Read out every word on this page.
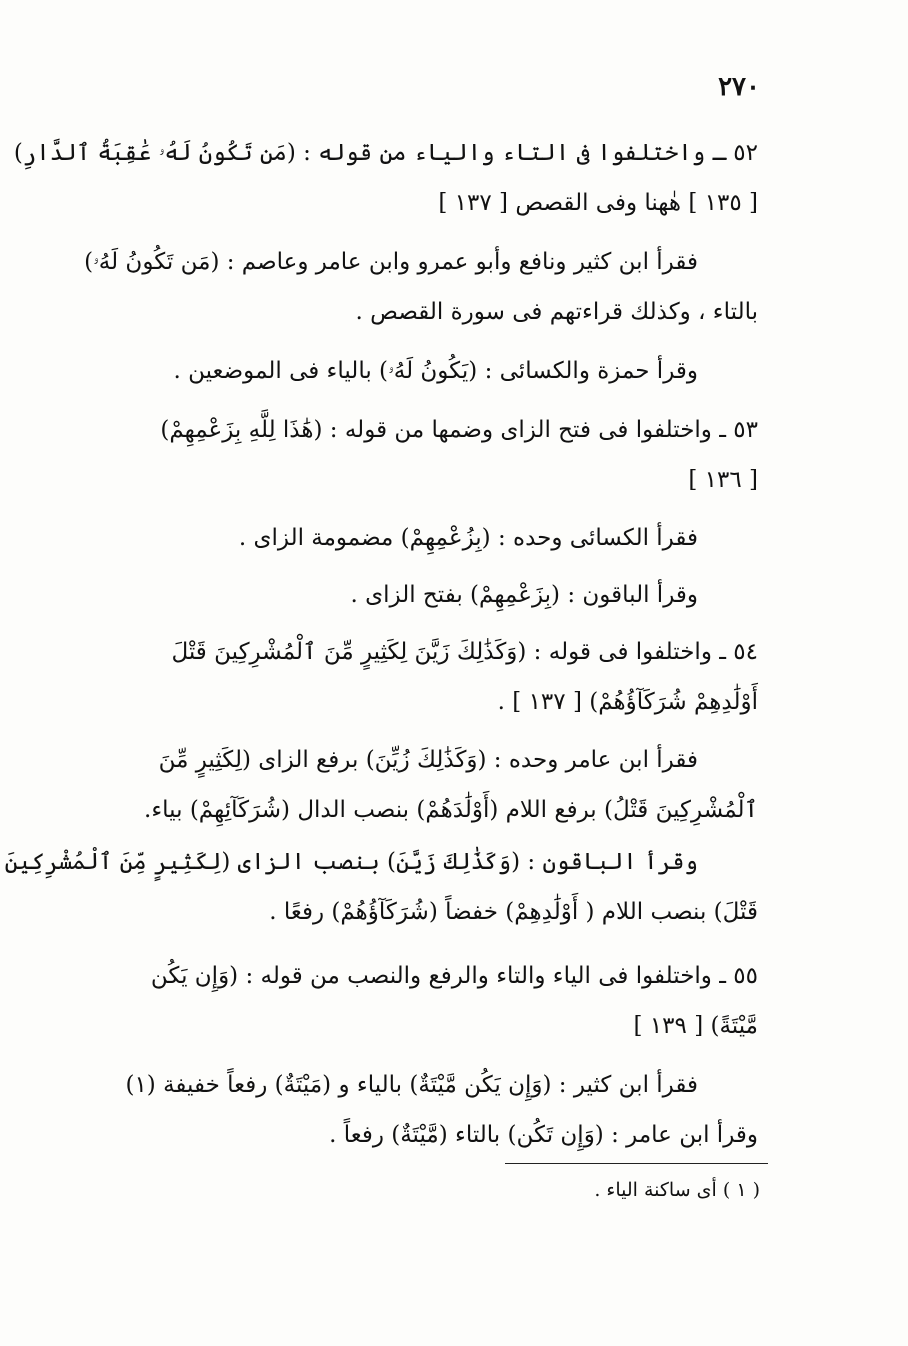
٢٧٠
٥٢ ـ واختلفوا فى التاء والياء من قوله : (مَن تَكُونُ لَهُۥ عَٰقِبَةُ ٱلدَّارِ)
[ ١٣٥ ] هٰهنا وفى القصص [ ١٣٧ ]
فقرأ ابن كثير ونافع وأبو عمرو وابن عامر وعاصم : (مَن تَكُونُ لَهُۥ)
بالتاء ، وكذلك قراءتهم فى سورة القصص .
وقرأ حمزة والكسائى : (يَكُونُ لَهُۥ) بالياء فى الموضعين .
٥٣ ـ واختلفوا فى فتح الزاى وضمها من قوله : (هَٰذَا لِلَّهِ بِزَعْمِهِمْ)
[ ١٣٦ ]
فقرأ الكسائى وحده : (بِزُعْمِهِمْ) مضمومة الزاى .
وقرأ الباقون : (بِزَعْمِهِمْ) بفتح الزاى .
٥٤ ـ واختلفوا فى قوله : (وَكَذَٰلِكَ زَيَّنَ لِكَثِيرٍ مِّنَ ٱلْمُشْرِكِينَ قَتْلَ
أَوْلَٰدِهِمْ شُرَكَآؤُهُمْ) [ ١٣٧ ] .
فقرأ ابن عامر وحده : (وَكَذَٰلِكَ زُيِّنَ) برفع الزاى (لِكَثِيرٍ مِّنَ
ٱلْمُشْرِكِينَ قَتْلُ) برفع اللام (أَوْلَٰدَهُمْ) بنصب الدال (شُرَكَآئِهِمْ) بياء.
وقرأ الباقون : (وَكَذَٰلِكَ زَيَّنَ) بنصب الزاى (لِكَثِيرٍ مِّنَ ٱلْمُشْرِكِينَ
قَتْلَ) بنصب اللام ( أَوْلَٰدِهِمْ) خفضاً (شُرَكَآؤُهُمْ) رفعًا .
٥٥ ـ واختلفوا فى الياء والتاء والرفع والنصب من قوله : (وَإِن يَكُن
مَّيْتَةً) [ ١٣٩ ]
فقرأ ابن كثير : (وَإِن يَكُن مَّيْتَةٌ) بالياء و (مَيْتَةٌ) رفعاً خفيفة (١)
وقرأ ابن عامر : (وَإِن تَكُن) بالتاء (مَّيْتَةٌ) رفعاً .
( ١ ) أى ساكنة الياء .
